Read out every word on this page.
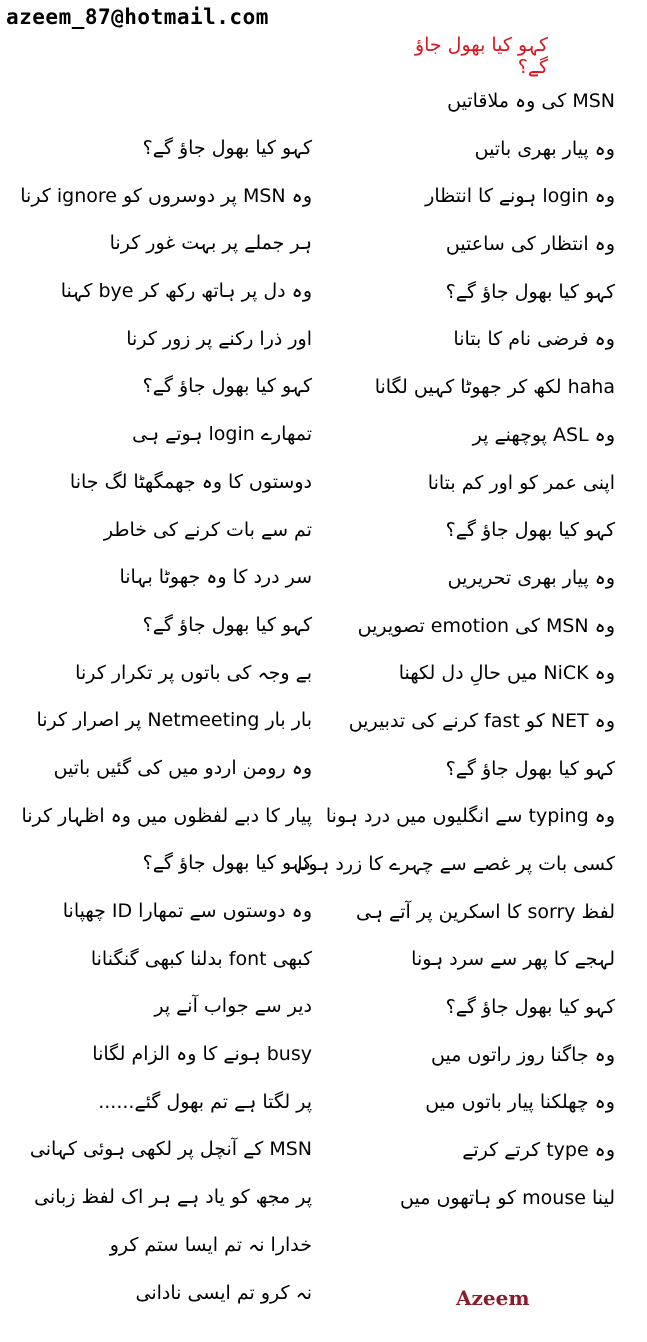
azeem_87@hotmail.com
کہو کیا بھول جاؤ گے؟
MSN کی وہ ملاقاتیں
وہ پیار بھری باتیں
وہ login ہونے کا انتظار
وہ انتظار کی ساعتیں
کہو کیا بھول جاؤ گے؟
وہ فرضی نام کا بتانا
haha لکھ کر جھوٹا کہیں لگانا
وہ ASL پوچھنے پر
اپنی عمر کو اور کم بتانا
کہو کیا بھول جاؤ گے؟
وہ پیار بھری تحریریں
وہ MSN کی emotion تصویریں
وہ NiCK میں حالِ دل لکھنا
وہ NET کو fast کرنے کی تدبیریں
کہو کیا بھول جاؤ گے؟
وہ typing سے انگلیوں میں درد ہونا
کسی بات پر غصے سے چہرے کا زرد ہونا
لفظ sorry کا اسکرین پر آتے ہی
لہجے کا پھر سے سرد ہونا
کہو کیا بھول جاؤ گے؟
وہ جاگنا روز راتوں میں
وہ چھلکنا پیار باتوں میں
وہ type کرتے کرتے
لینا mouse کو ہاتھوں میں
کہو کیا بھول جاؤ گے؟
وہ MSN پر دوسروں کو ignore کرنا
ہر جملے پر بہت غور کرنا
وہ دل پر ہاتھ رکھ کر bye کہنا
اور ذرا رکنے پر زور کرنا
کہو کیا بھول جاؤ گے؟
تمھارے login ہوتے ہی
دوستوں کا وہ جھمگھٹا لگ جانا
تم سے بات کرنے کی خاطر
سر درد کا وہ جھوٹا بہانا
کہو کیا بھول جاؤ گے؟
بے وجہ کی باتوں پر تکرار کرنا
بار بار Netmeeting پر اصرار کرنا
وہ رومن اردو میں کی گئیں باتیں
پیار کا دبے لفظوں میں وہ اظہار کرنا
کہو کیا بھول جاؤ گے؟
وہ دوستوں سے تمھارا ID چھپانا
کبھی font بدلنا کبھی گنگنانا
دیر سے جواب آنے پر
busy ہونے کا وہ الزام لگانا
پر لگتا ہے تم بھول گئے......
MSN کے آنچل پر لکھی ہوئی کہانی
پر مجھ کو یاد ہے ہر اک لفظ زبانی
خدارا نہ تم ایسا ستم کرو
نہ کرو تم ایسی نادانی	Azeem
